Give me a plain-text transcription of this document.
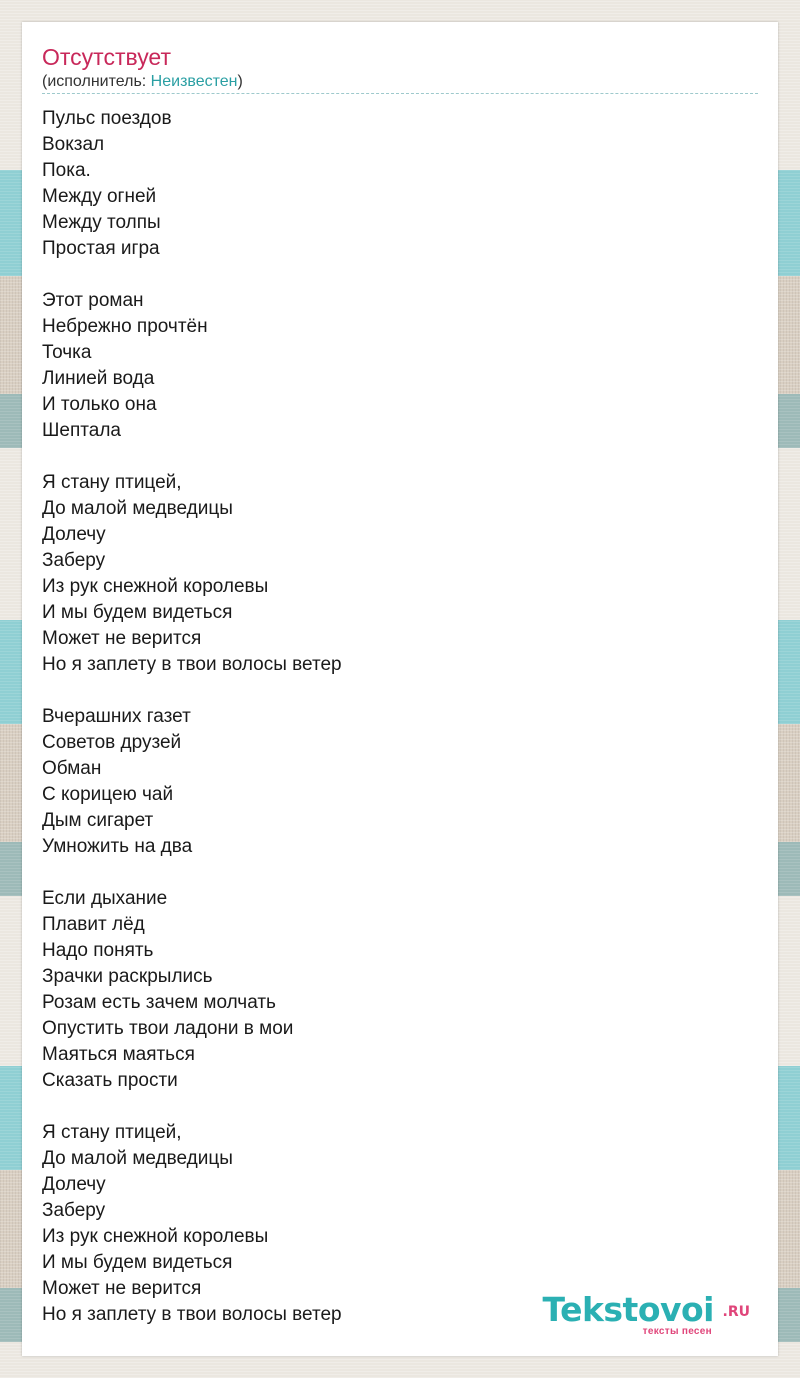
Отсутствует
(исполнитель: Неизвестен)
Пульс поездов
Вокзал
Пока.
Между огней
Между толпы
Простая игра
Этот роман
Небрежно прочтён
Точка
Линией вода
И только она
Шептала
Я стану птицей,
До малой медведицы
Долечу
Заберу
Из рук снежной королевы
И мы будем видеться
Может не верится
Но я заплету в твои волосы ветер
Вчерашних газет
Советов друзей
Обман
С корицею чай
Дым сигарет
Умножить на два
Если дыхание
Плавит лёд
Надо понять
Зрачки раскрылись
Розам есть зачем молчать
Опустить твои ладони в мои
Маяться маяться
Сказать прости
Я стану птицей,
До малой медведицы
Долечу
Заберу
Из рук снежной королевы
И мы будем видеться
Может не верится
Но я заплету в твои волосы ветер	Tekstovoi .RU
тексты песен
